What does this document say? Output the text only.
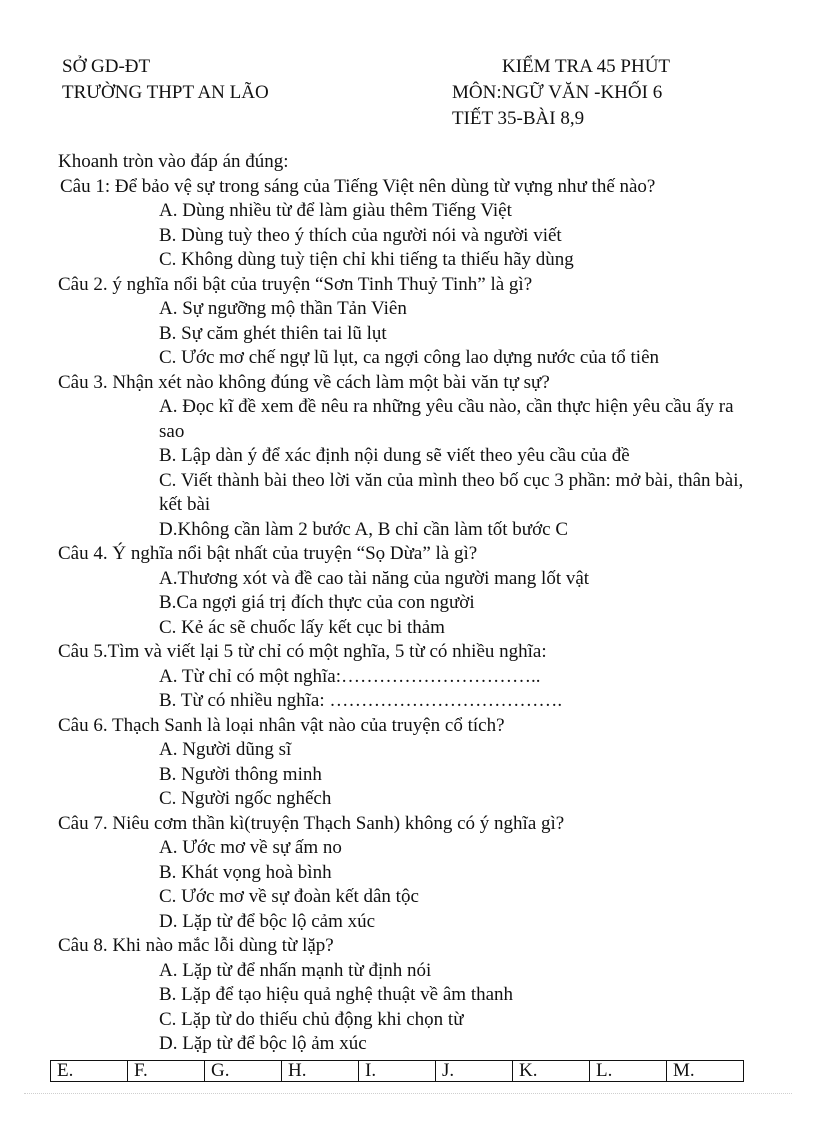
SỞ GD-ĐT
TRƯỜNG THPT AN LÃO
KIỂM TRA 45 PHÚT
MÔN:NGỮ VĂN -KHỐI 6
TIẾT 35-BÀI 8,9

Khoanh tròn vào đáp án đúng:

Câu 1: Để bảo vệ sự trong sáng của Tiếng Việt nên dùng từ vựng như thế nào?

A. Dùng nhiều từ để làm giàu thêm Tiếng Việt

B. Dùng tuỳ theo ý thích của người nói và người viết

C. Không dùng tuỳ tiện chỉ khi tiếng ta thiếu hãy dùng

Câu 2. ý nghĩa nổi bật của truyện “Sơn Tinh Thuỷ Tinh” là gì?

A. Sự ngưỡng mộ thần Tản Viên

B. Sự căm ghét thiên tai lũ lụt

C. Ước mơ chế ngự lũ lụt, ca ngợi công lao dựng nước của tổ tiên

Câu 3. Nhận xét nào không đúng về cách làm một bài văn tự sự?

A. Đọc kĩ đề xem đề nêu ra những yêu cầu nào, cần thực hiện yêu cầu ấy ra sao

B. Lập dàn ý để xác định nội dung sẽ viết theo yêu cầu của đề

C. Viết thành bài theo lời văn của mình theo bố cục 3 phần: mở bài, thân bài, kết bài

D.Không cần làm 2 bước A, B chỉ cần làm tốt bước C

Câu 4. Ý nghĩa nổi bật nhất của truyện “Sọ Dừa” là gì?

A.Thương xót và đề cao tài năng của người mang lốt vật

B.Ca ngợi giá trị đích thực của con người

C. Kẻ ác sẽ chuốc lấy kết cục bi thảm

Câu 5.Tìm và viết lại 5 từ chỉ có một nghĩa, 5 từ có nhiều nghĩa:

A. Từ chỉ có một nghĩa:…………………………..

B. Từ có nhiều nghĩa: ……………………………….

Câu 6. Thạch Sanh là loại nhân vật nào của truyện cổ tích?

A. Người dũng sĩ

B. Người thông minh

C. Người ngốc nghếch

Câu 7. Niêu cơm thần kì(truyện Thạch Sanh) không có ý nghĩa gì?

A. Ước mơ về sự ấm no

B. Khát vọng hoà bình

C. Ước mơ về sự đoàn kết dân tộc

D. Lặp từ để bộc lộ cảm xúc

Câu 8. Khi nào mắc lỗi dùng từ lặp?

A. Lặp từ để nhấn mạnh từ định nói

B. Lặp để tạo hiệu quả nghệ thuật về âm thanh

C. Lặp từ do thiếu chủ động khi chọn từ

D. Lặp từ để bộc lộ ảm xúc

E.	F.	G.	H.	I.	J.	K.	L.	M.
